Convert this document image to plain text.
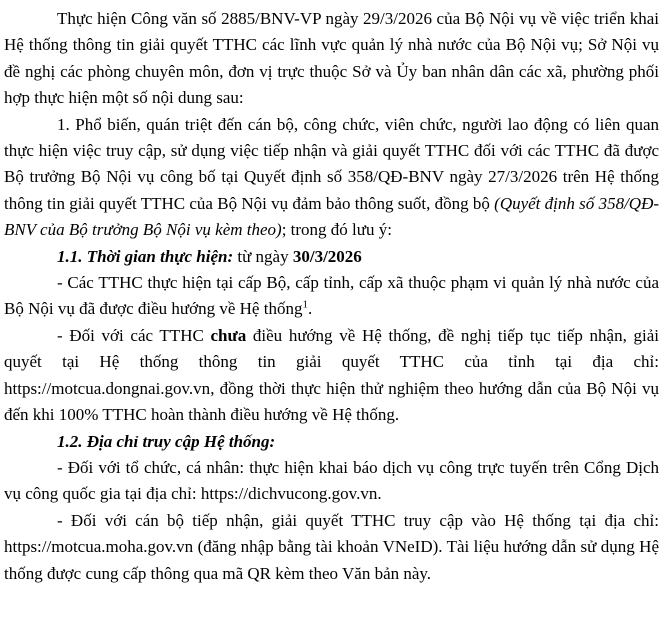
Thực hiện Công văn số 2885/BNV-VP ngày 29/3/2026 của Bộ Nội vụ về việc triển khai Hệ thống thông tin giải quyết TTHC các lĩnh vực quản lý nhà nước của Bộ Nội vụ; Sở Nội vụ đề nghị các phòng chuyên môn, đơn vị trực thuộc Sở và Ủy ban nhân dân các xã, phường phối hợp thực hiện một số nội dung sau:

1. Phổ biến, quán triệt đến cán bộ, công chức, viên chức, người lao động có liên quan thực hiện việc truy cập, sử dụng việc tiếp nhận và giải quyết TTHC đối với các TTHC đã được Bộ trưởng Bộ Nội vụ công bố tại Quyết định số 358/QĐ-BNV ngày 27/3/2026 trên Hệ thống thông tin giải quyết TTHC của Bộ Nội vụ đảm bảo thông suốt, đồng bộ (Quyết định số 358/QĐ- BNV của Bộ trưởng Bộ Nội vụ kèm theo); trong đó lưu ý:

1.1. Thời gian thực hiện: từ ngày 30/3/2026

- Các TTHC thực hiện tại cấp Bộ, cấp tỉnh, cấp xã thuộc phạm vi quản lý nhà nước của Bộ Nội vụ đã được điều hướng về Hệ thống$^1$.

- Đối với các TTHC chưa điều hướng về Hệ thống, đề nghị tiếp tục tiếp nhận, giải quyết tại Hệ thống thông tin giải quyết TTHC của tỉnh tại địa chỉ: https://motcua.dongnai.gov.vn, đồng thời thực hiện thử nghiệm theo hướng dẫn của Bộ Nội vụ đến khi 100% TTHC hoàn thành điều hướng về Hệ thống.

1.2. Địa chỉ truy cập Hệ thống:

- Đối với tổ chức, cá nhân: thực hiện khai báo dịch vụ công trực tuyến trên Cổng Dịch vụ công quốc gia tại địa chỉ: https://dichvucong.gov.vn.

- Đối với cán bộ tiếp nhận, giải quyết TTHC truy cập vào Hệ thống tại địa chỉ: https://motcua.moha.gov.vn (đăng nhập bằng tài khoản VNeID). Tài liệu hướng dẫn sử dụng Hệ thống được cung cấp thông qua mã QR kèm theo Văn bản này.
